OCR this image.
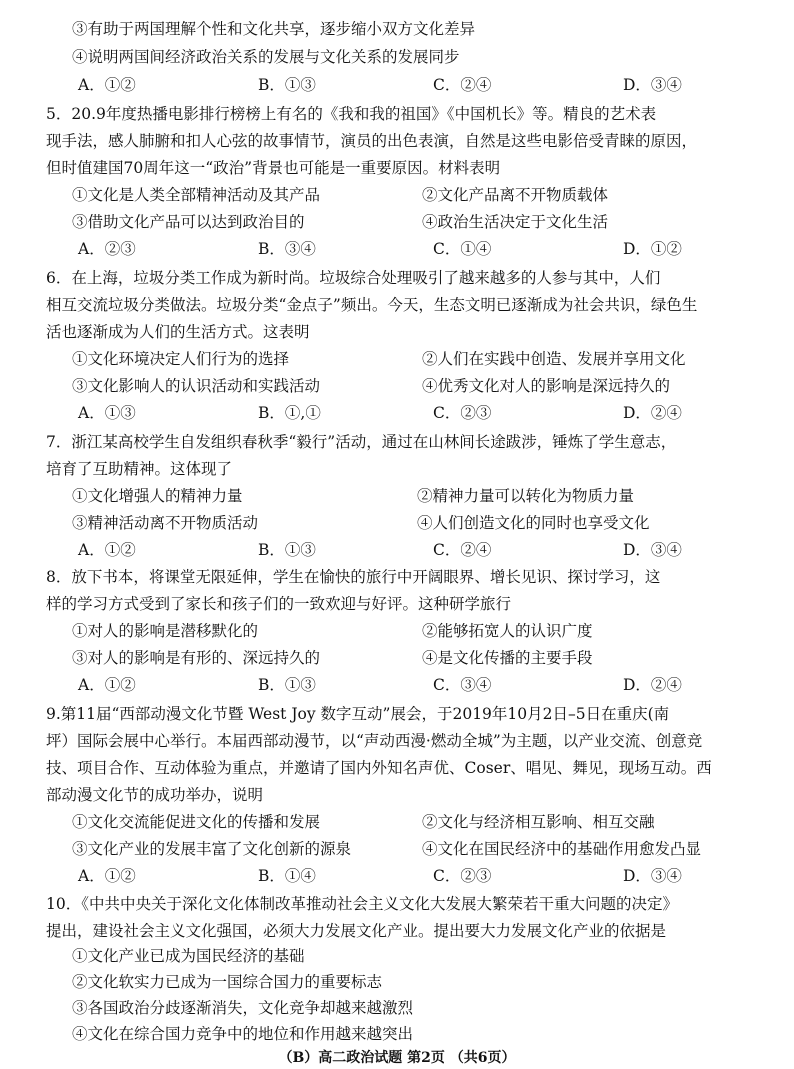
③有助于两国理解个性和文化共享，逐步缩小双方文化差异
④说明两国间经济政治关系的发展与文化关系的发展同步
A．①②	B．①③	C．②④	D．③④
5．20.9年度热播电影排行榜榜上有名的《我和我的祖国》《中国机长》等。精良的艺术表
现手法，感人肺腑和扣人心弦的故事情节，演员的出色表演，自然是这些电影倍受青睐的原因，
但时值建国70周年这一“政治”背景也可能是一重要原因。材料表明
①文化是人类全部精神活动及其产品	②文化产品离不开物质载体
③借助文化产品可以达到政治目的	④政治生活决定于文化生活
A．②③	B．③④	C．①④	D．①②
6．在上海，垃圾分类工作成为新时尚。垃圾综合处理吸引了越来越多的人参与其中，人们
相互交流垃圾分类做法。垃圾分类“金点子”频出。今天，生态文明已逐渐成为社会共识，绿色生
活也逐渐成为人们的生活方式。这表明
①文化环境决定人们行为的选择	②人们在实践中创造、发展并享用文化
③文化影响人的认识活动和实践活动	④优秀文化对人的影响是深远持久的
A．①③	B．①,①	C．②③	D．②④
7．浙江某高校学生自发组织春秋季“毅行”活动，通过在山林间长途跋涉，锤炼了学生意志，
培育了互助精神。这体现了
①文化增强人的精神力量	②精神力量可以转化为物质力量
③精神活动离不开物质活动	④人们创造文化的同时也享受文化
A．①②	B．①③	C．②④	D．③④
8．放下书本，将课堂无限延伸，学生在愉快的旅行中开阔眼界、增长见识、探讨学习，这
样的学习方式受到了家长和孩子们的一致欢迎与好评。这种研学旅行
①对人的影响是潜移默化的	②能够拓宽人的认识广度
③对人的影响是有形的、深远持久的	④是文化传播的主要手段
A．①②	B．①③	C．③④	D．②④
9.第11届“西部动漫文化节暨 West Joy 数字互动”展会，于2019年10月2日–5日在重庆(南
坪）国际会展中心举行。本届西部动漫节，以“声动西漫·燃动全城”为主题，以产业交流、创意竞
技、项目合作、互动体验为重点，并邀请了国内外知名声优、Coser、唱见、舞见，现场互动。西
部动漫文化节的成功举办，说明
①文化交流能促进文化的传播和发展	②文化与经济相互影响、相互交融
③文化产业的发展丰富了文化创新的源泉	④文化在国民经济中的基础作用愈发凸显
A．①②	B．①④	C．②③	D．③④
10．《中共中央关于深化文化体制改革推动社会主义文化大发展大繁荣若干重大问题的决定》
提出，建设社会主义文化强国，必须大力发展文化产业。提出要大力发展文化产业的依据是
①文化产业已成为国民经济的基础
②文化软实力已成为一国综合国力的重要标志
③各国政治分歧逐渐消失，文化竞争却越来越激烈
（B）高二政治试题 第2页 （共6页）
④文化在综合国力竞争中的地位和作用越来越突出
